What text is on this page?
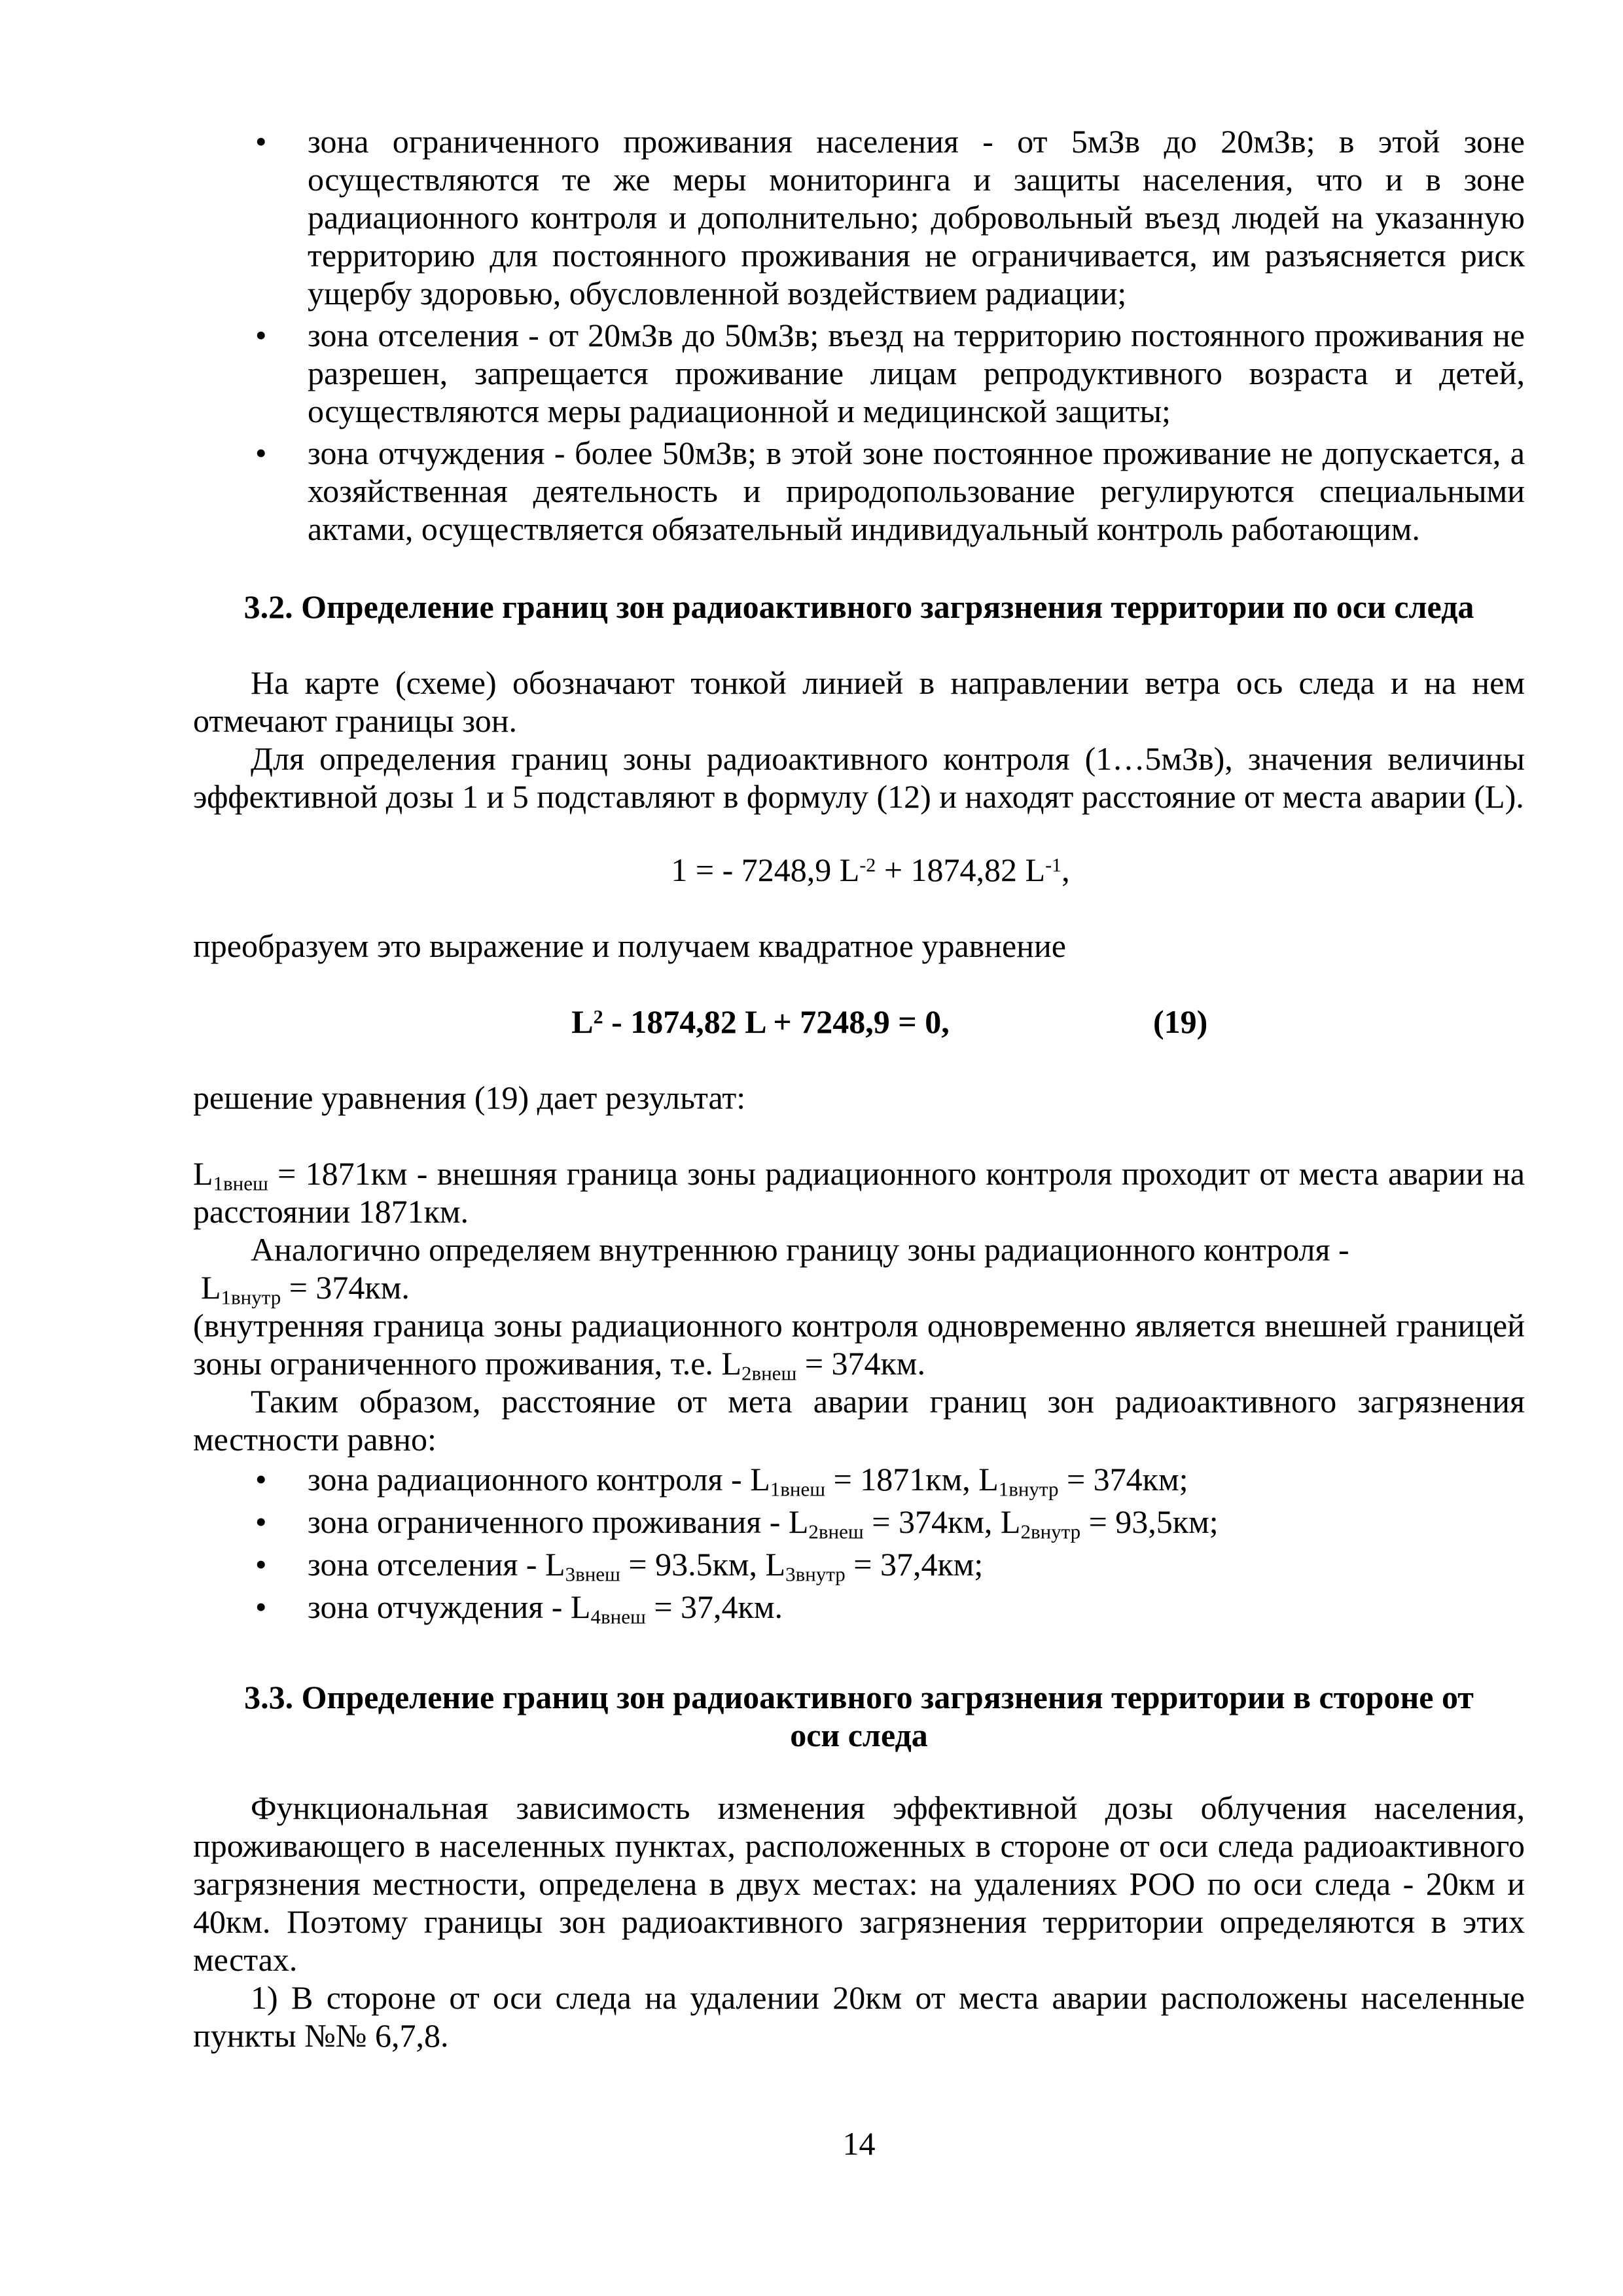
• зона ограниченного проживания населения - от 5мЗв до 20мЗв; в этой зоне осуществляются те же меры мониторинга и защиты населения, что и в зоне радиационного контроля и дополнительно; добровольный въезд людей на указанную территорию для постоянного проживания не ограничивается, им разъясняется риск ущербу здоровью, обусловленной воздействием радиации;
• зона отселения - от 20мЗв до 50мЗв; въезд на территорию постоянного проживания не разрешен, запрещается проживание лицам репродуктивного возраста и детей, осуществляются меры радиационной и медицинской защиты;
• зона отчуждения - более 50мЗв; в этой зоне постоянное проживание не допускается, а хозяйственная деятельность и природопользование регулируются специальными актами, осуществляется обязательный индивидуальный контроль работающим.

3.2. Определение границ зон радиоактивного загрязнения территории по оси следа

На карте (схеме) обозначают тонкой линией в направлении ветра ось следа и на нем отмечают границы зон.

Для определения границ зоны радиоактивного контроля (1…5мЗв), значения величины эффективной дозы 1 и 5 подставляют в формулу (12) и находят расстояние от места аварии (L).

1 = - 7248,9 $L^{-2} + 1874,82$ $L^{-1}$,

преобразуем это выражение и получаем квадратное уравнение

$L^2 - 1874,82$ L + 7248,9 = 0,	(19)

решение уравнения (19) дает результат:

$L_{1внеш} = 1871км$ - внешняя граница зоны радиационного контроля проходит от места аварии на расстоянии 1871км.

Аналогично определяем внутреннюю границу зоны радиационного контроля -

$L_{1внутр} = 374км$.

(внутренняя граница зоны радиационного контроля одновременно является внешней границей зоны ограниченного проживания, т.е. $L_{2внеш} = 374км$.

Таким образом, расстояние от мета аварии границ зон радиоактивного загрязнения местности равно:

• зона радиационного контроля - $L_{1внеш} = 1871км$, $L_{1внутр} = 374км$;
• зона ограниченного проживания - $L_{2внеш} = 374км$, $L_{2внутр} = 93,5км$;
• зона отселения - $L_{3внеш} = 93.5км$, $L_{3внутр} = 37,4км$;
• зона отчуждения - $L_{4внеш} = 37,4км$.

3.3. Определение границ зон радиоактивного загрязнения территории в стороне от

оси следа

Функциональная зависимость изменения эффективной дозы облучения населения, проживающего в населенных пунктах, расположенных в стороне от оси следа радиоактивного загрязнения местности, определена в двух местах: на удалениях РОО по оси следа - 20км и 40км. Поэтому границы зон радиоактивного загрязнения территории определяются в этих местах.

1) В стороне от оси следа на удалении 20км от места аварии расположены населенные пункты №№ 6,7,8.

14
